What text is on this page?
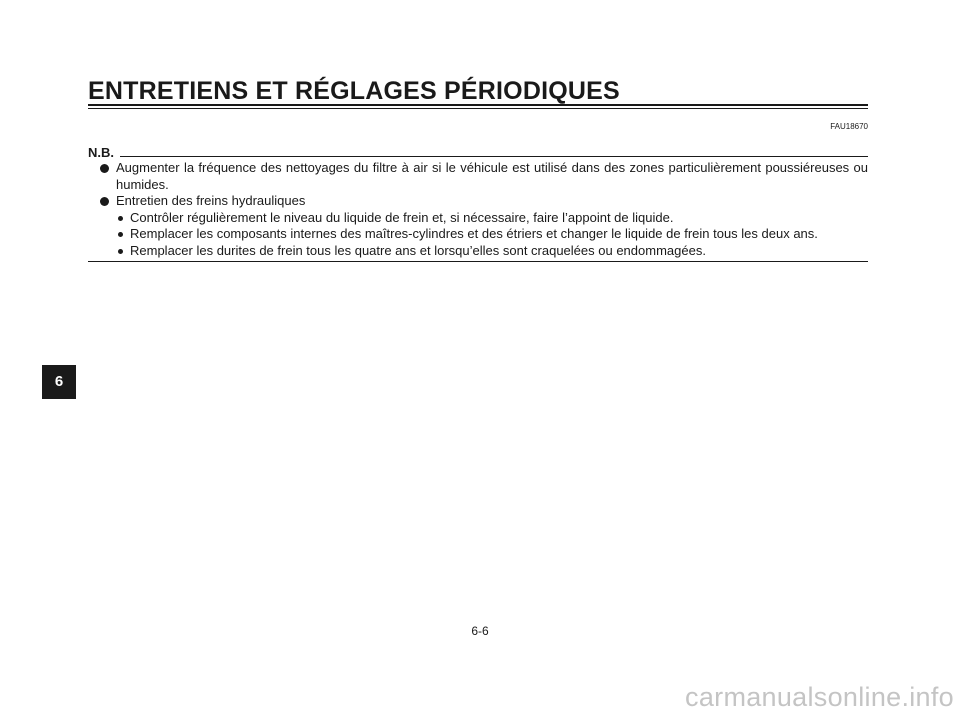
ENTRETIENS ET RÉGLAGES PÉRIODIQUES
FAU18670
N.B.
Augmenter la fréquence des nettoyages du filtre à air si le véhicule est utilisé dans des zones particulièrement poussiéreuses ou humides.
Entretien des freins hydrauliques
Contrôler régulièrement le niveau du liquide de frein et, si nécessaire, faire l’appoint de liquide.
Remplacer les composants internes des maîtres-cylindres et des étriers et changer le liquide de frein tous les deux ans.
Remplacer les durites de frein tous les quatre ans et lorsqu’elles sont craquelées ou endommagées.
6
6-6
carmanualsonline.info
